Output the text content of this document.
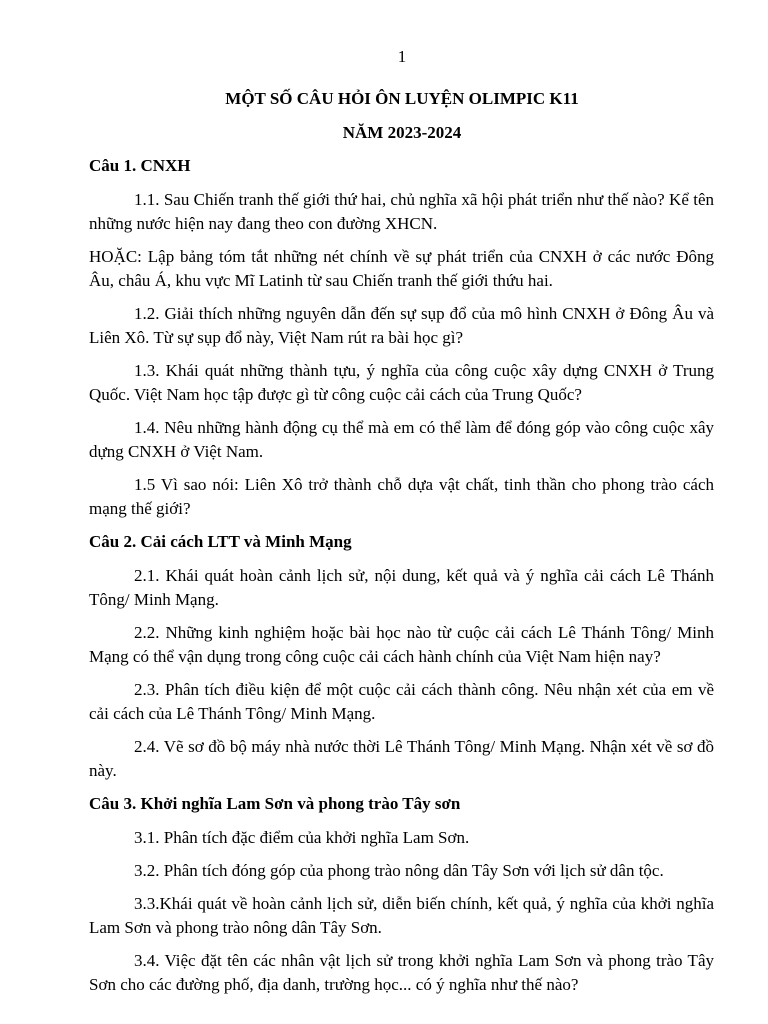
1
MỘT SỐ CÂU HỎI ÔN LUYỆN OLIMPIC K11
NĂM 2023-2024

Câu 1. CNXH

1.1. Sau Chiến tranh thế giới thứ hai, chủ nghĩa xã hội phát triển như thế nào? Kể tên những nước hiện nay đang theo con đường XHCN.

HOẶC: Lập bảng tóm tắt những nét chính về sự phát triển của CNXH ở các nước Đông Âu, châu Á, khu vực Mĩ Latinh từ sau Chiến tranh thế giới thứu hai.

1.2. Giải thích những nguyên dẫn đến sự sụp đổ của mô hình CNXH ở Đông Âu và Liên Xô. Từ sự sụp đổ này, Việt Nam rút ra bài học gì?

1.3. Khái quát những thành tựu, ý nghĩa của công cuộc xây dựng CNXH ở Trung Quốc. Việt Nam học tập được gì từ công cuộc cải cách của Trung Quốc?

1.4. Nêu những hành động cụ thể mà em có thể làm để đóng góp vào công cuộc xây dựng CNXH ở Việt Nam.

1.5 Vì sao nói: Liên Xô trở thành chỗ dựa vật chất, tinh thần cho phong trào cách mạng thế giới?

Câu 2. Cải cách LTT và Minh Mạng

2.1. Khái quát hoàn cảnh lịch sử, nội dung, kết quả và ý nghĩa cải cách Lê Thánh Tông/ Minh Mạng.

2.2. Những kinh nghiệm hoặc bài học nào từ cuộc cải cách Lê Thánh Tông/ Minh Mạng có thể vận dụng trong công cuộc cải cách hành chính của Việt Nam hiện nay?

2.3. Phân tích điều kiện để một cuộc cải cách thành công. Nêu nhận xét của em về cải cách của Lê Thánh Tông/ Minh Mạng.

2.4. Vẽ sơ đồ bộ máy nhà nước thời Lê Thánh Tông/ Minh Mạng. Nhận xét về sơ đồ này.

Câu 3. Khởi nghĩa Lam Sơn và phong trào Tây sơn

3.1. Phân tích đặc điểm của khởi nghĩa Lam Sơn.

3.2. Phân tích đóng góp của phong trào nông dân Tây Sơn với lịch sử dân tộc.

3.3.Khái quát về hoàn cảnh lịch sử, diễn biến chính, kết quả, ý nghĩa của khởi nghĩa Lam Sơn và phong trào nông dân Tây Sơn.

3.4. Việc đặt tên các nhân vật lịch sử trong khởi nghĩa Lam Sơn và phong trào Tây Sơn cho các đường phố, địa danh, trường học... có ý nghĩa như thế nào?
